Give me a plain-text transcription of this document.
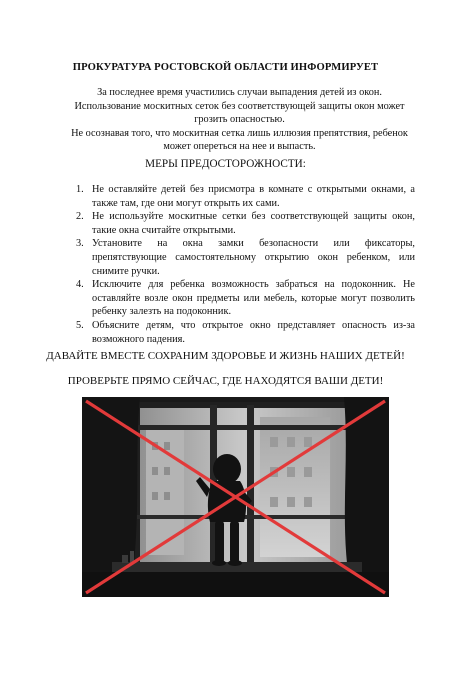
ПРОКУРАТУРА РОСТОВСКОЙ ОБЛАСТИ ИНФОРМИРУЕТ

За последнее время участились случаи выпадения детей из окон.

Использование москитных сеток без соответствующей защиты окон может грозить опасностью.

Не осознавая того, что москитная сетка лишь иллюзия препятствия, ребенок может опереться на нее и выпасть.

МЕРЫ ПРЕДОСТОРОЖНОСТИ:
1. Не оставляйте детей без присмотра в комнате с открытыми окнами, а также там, где они могут открыть их сами.
2. Не используйте москитные сетки без соответствующей защиты окон, такие окна считайте открытыми.
3. Установите на окна замки безопасности или фиксаторы, препятствующие самостоятельному открытию окон ребенком, или снимите ручки.
4. Исключите для ребенка возможность забраться на подоконник. Не оставляйте возле окон предметы или мебель, которые могут позволить ребенку залезть на подоконник.
5. Объясните детям, что открытое окно представляет опасность из-за возможного падения.
ДАВАЙТЕ ВМЕСТЕ СОХРАНИМ ЗДОРОВЬЕ И ЖИЗНЬ НАШИХ ДЕТЕЙ!
ПРОВЕРЬТЕ ПРЯМО СЕЙЧАС, ГДЕ НАХОДЯТСЯ ВАШИ ДЕТИ!
